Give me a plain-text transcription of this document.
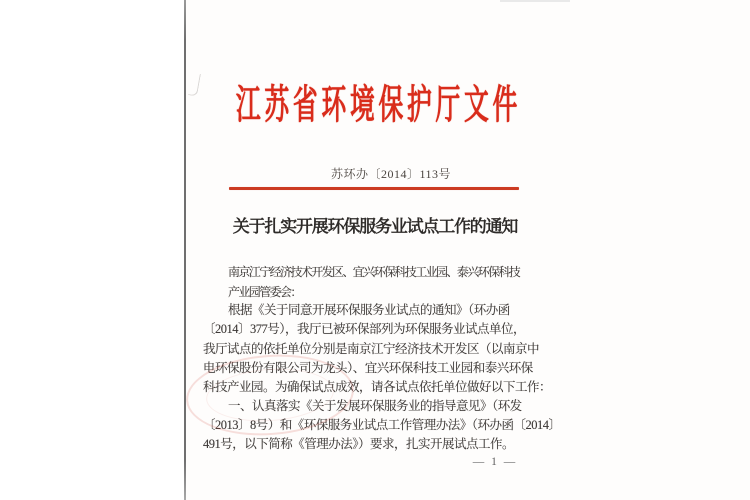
江苏省环境保护厅文件
苏环办〔2014〕113号
关于扎实开展环保服务业试点工作的通知
南京江宁经济技术开发区、宜兴环保科技工业园、泰兴环保科技
产业园管委会：
根据《关于同意开展环保服务业试点的通知》（环办函
〔2014〕377号），我厅已被环保部列为环保服务业试点单位，
我厅试点的依托单位分别是南京江宁经济技术开发区（以南京中
电环保股份有限公司为龙头）、宜兴环保科技工业园和泰兴环保
科技产业园。为确保试点成效，请各试点依托单位做好以下工作：
一、认真落实《关于发展环保服务业的指导意见》（环发
〔2013〕8号）和《环保服务业试点工作管理办法》（环办函〔2014〕
491号，以下简称《管理办法》）要求，扎实开展试点工作。
— 1 —
